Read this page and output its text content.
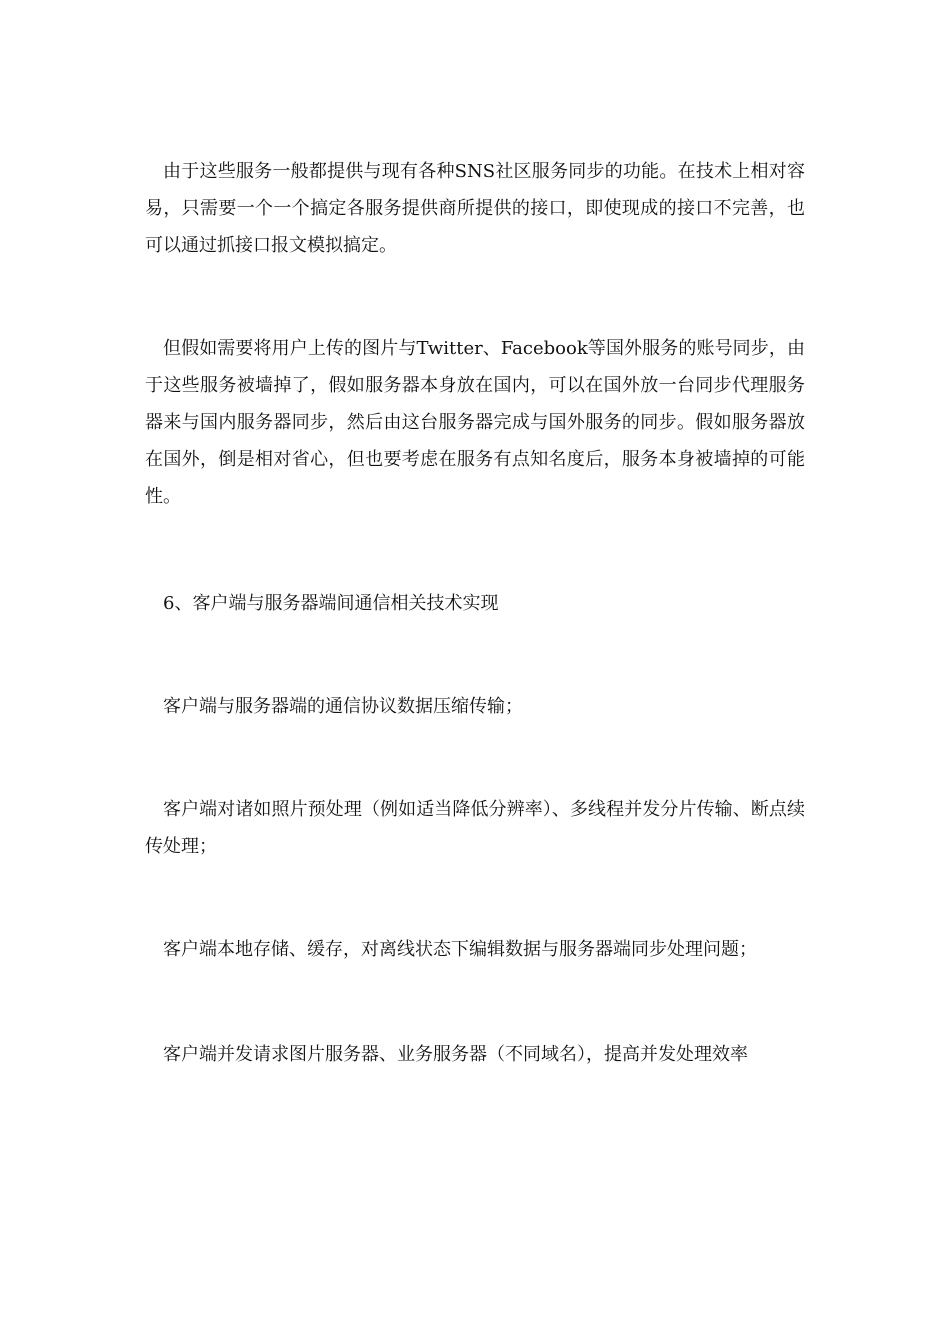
由于这些服务一般都提供与现有各种SNS社区服务同步的功能。在技术上相对容易，只需要一个一个搞定各服务提供商所提供的接口，即使现成的接口不完善，也可以通过抓接口报文模拟搞定。

但假如需要将用户上传的图片与Twitter、Facebook等国外服务的账号同步，由于这些服务被墙掉了，假如服务器本身放在国内，可以在国外放一台同步代理服务器来与国内服务器同步，然后由这台服务器完成与国外服务的同步。假如服务器放在国外，倒是相对省心，但也要考虑在服务有点知名度后，服务本身被墙掉的可能性。

6、客户端与服务器端间通信相关技术实现

客户端与服务器端的通信协议数据压缩传输；

客户端对诸如照片预处理（例如适当降低分辨率）、多线程并发分片传输、断点续传处理；

客户端本地存储、缓存，对离线状态下编辑数据与服务器端同步处理问题；

客户端并发请求图片服务器、业务服务器（不同域名），提高并发处理效率
